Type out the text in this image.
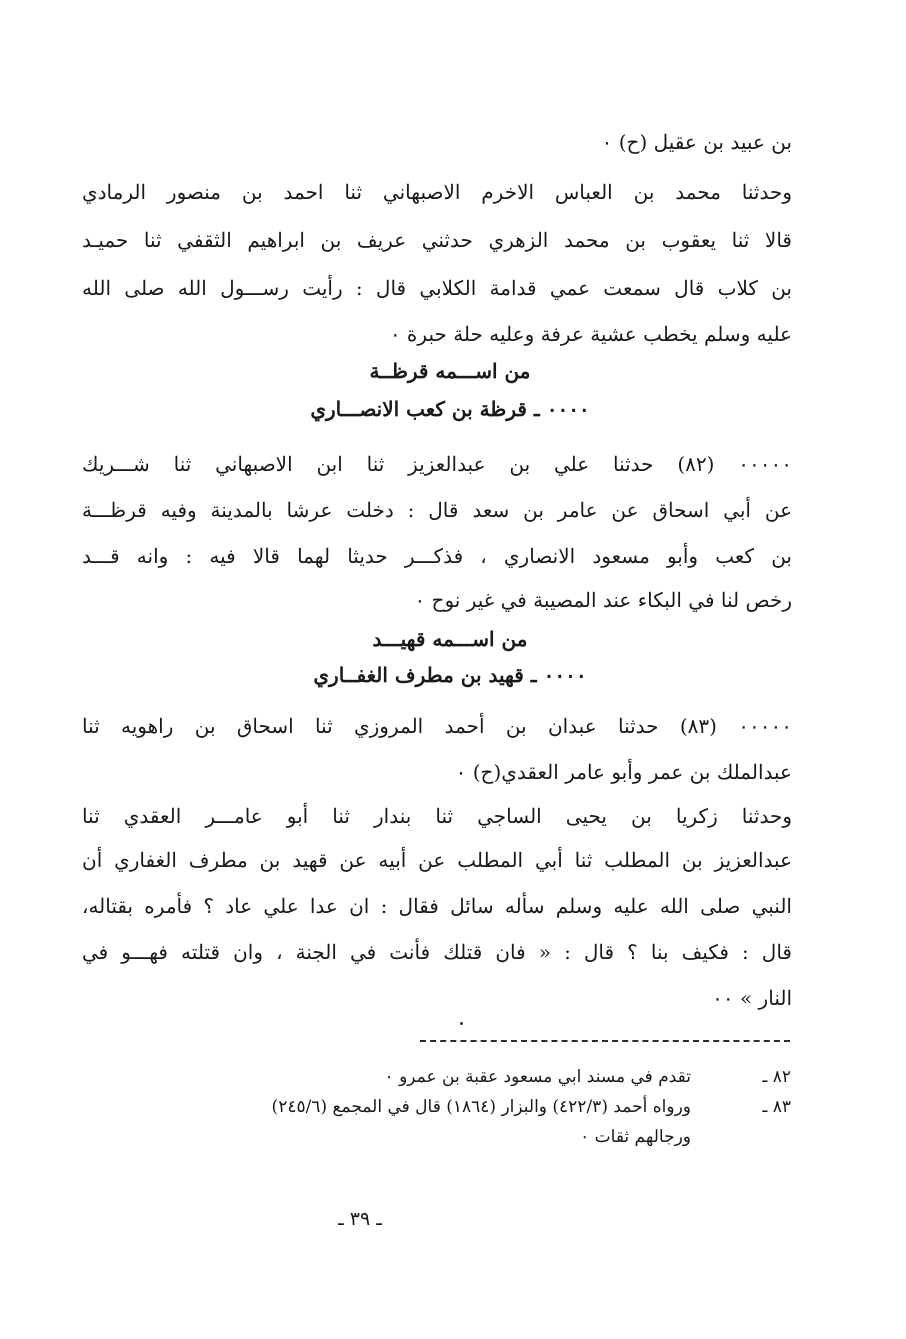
بن عبيد بن عقيل (ح) ٠
وحدثنا محمد بن العباس الاخرم الاصبهاني ثنا احمد بن منصور الرمادي
قالا ثنا يعقوب بن محمد الزهري حدثني عريف بن ابراهيم الثقفي ثنا حميـد
بن كلاب قال سمعت عمي قدامة الكلابي قال : رأيت رســـول الله صلى الله
عليه وسلم يخطب عشية عرفة وعليه حلة حبرة ٠
من اســـمه قرظــة
٠٠٠٠ ـ قرظة بن كعب الانصـــاري
٠٠٠٠٠ (٨٢) حدثنا علي بن عبدالعزيز ثنا ابن الاصبهاني ثنا شـــريك
عن أبي اسحاق عن عامر بن سعد قال : دخلت عرشا بالمدينة وفيه قرظـــة
بن كعب وأبو مسعود الانصاري ، فذكـــر حديثا لهما قالا فيه : وانه قـــد
رخص لنا في البكاء عند المصيبة في غير نوح ٠
من اســـمه قهيـــد
٠٠٠٠ ـ قهيد بن مطرف الغفــاري
٠٠٠٠٠ (٨٣) حدثنا عبدان بن أحمد المروزي ثنا اسحاق بن راهويه ثنا
عبدالملك بن عمر وأبو عامر العقدي(ح) ٠
وحدثنا زكريا بن يحيى الساجي ثنا بندار ثنا أبو عامـــر العقدي ثنا
عبدالعزيز بن المطلب ثنا أبي المطلب عن أبيه عن قهيد بن مطرف الغفاري أن
النبي صلى الله عليه وسلم سأله سائل فقال : ان عدا علي عاد ؟ فأمره بقتاله،
قال : فكيف بنا ؟ قال : « فان قتلك فأنت في الجنة ، وان قتلته فهـــو في
النار » ٠٠
٨٢ ـ
تقدم في مسند ابي مسعود عقبة بن عمرو ٠
٨٣ ـ
ورواه أحمد (٤٢٢/٣) والبزار (١٨٦٤) قال في المجمع (٢٤٥/٦)
ورجالهم ثقات ٠
ـ ٣٩ ـ
